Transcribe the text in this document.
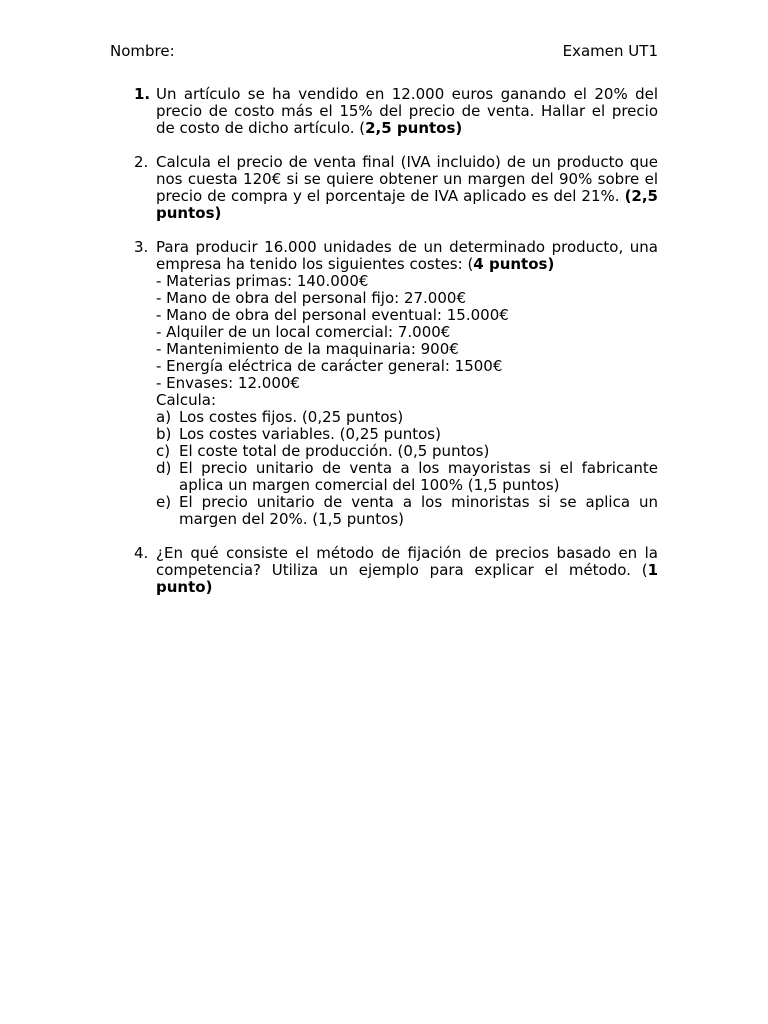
Nombre:	Examen UT1
1. Un artículo se ha vendido en 12.000 euros ganando el 20% del precio de costo más el 15% del precio de venta. Hallar el precio de costo de dicho artículo. (2,5 puntos)
2. Calcula el precio de venta final (IVA incluido) de un producto que nos cuesta 120€ si se quiere obtener un margen del 90% sobre el precio de compra y el porcentaje de IVA aplicado es del 21%. (2,5 puntos)
3. Para producir 16.000 unidades de un determinado producto, una empresa ha tenido los siguientes costes: (4 puntos)
- Materias primas: 140.000€
- Mano de obra del personal fijo: 27.000€
- Mano de obra del personal eventual: 15.000€
- Alquiler de un local comercial: 7.000€
- Mantenimiento de la maquinaria: 900€
- Energía eléctrica de carácter general: 1500€
- Envases: 12.000€
Calcula:
a) Los costes fijos. (0,25 puntos)
b) Los costes variables. (0,25 puntos)
c) El coste total de producción. (0,5 puntos)
d) El precio unitario de venta a los mayoristas si el fabricante aplica un margen comercial del 100% (1,5 puntos)
e) El precio unitario de venta a los minoristas si se aplica un margen del 20%. (1,5 puntos)
4. ¿En qué consiste el método de fijación de precios basado en la competencia? Utiliza un ejemplo para explicar el método. (1 punto)
